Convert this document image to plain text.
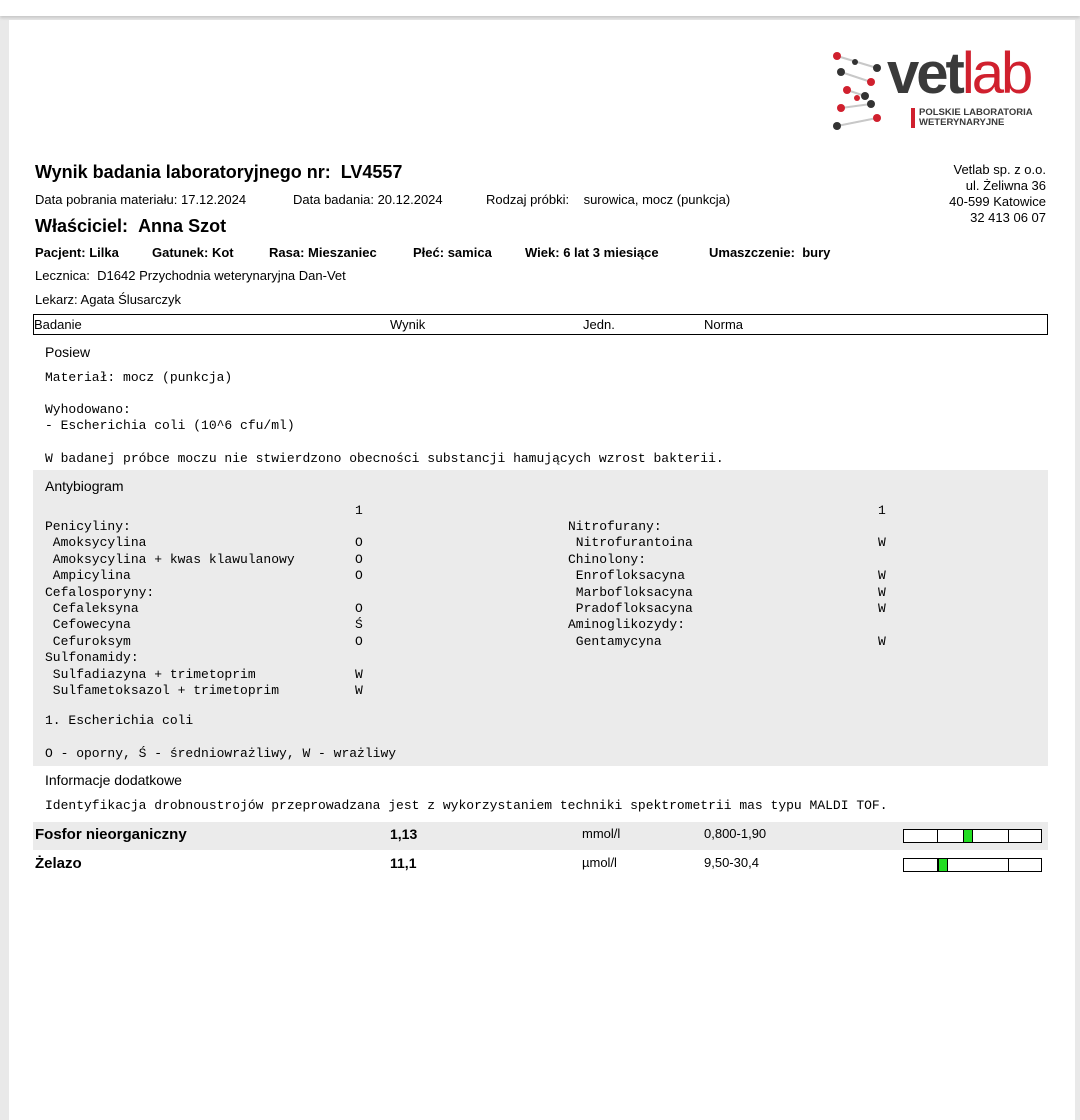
vetlab
POLSKIE LABORATORIA
WETERYNARYJNE
Wynik badania laboratoryjnego nr: LV4557	Vetlab sp. z o.o.
ul. Żeliwna 36
40-599 Katowice
32 413 06 07
Data pobrania materiału: 17.12.2024	Data badania: 20.12.2024	Rodzaj próbki: surowica, mocz (punkcja)
Właściciel: Anna Szot
Pacjent: Lilka	Gatunek: Kot	Rasa: Mieszaniec	Płeć: samica	Wiek: 6 lat 3 miesiące	Umaszczenie: bury
Lecznica: D1642 Przychodnia weterynaryjna Dan-Vet
Lekarz: Agata Ślusarczyk
Badanie	Wynik	Jedn.	Norma
Posiew
Materiał: mocz (punkcja)
Wyhodowano:
- Escherichia coli (10^6 cfu/ml)
W badanej próbce moczu nie stwierdzono obecności substancji hamujących wzrost bakterii.
Antybiogram
1	1
Penicyliny:
Amoksycylina	O
Amoksycylina + kwas klawulanowy	O
Ampicylina	O
Cefalosporyny:
Cefaleksyna	O
Cefowecyna	Ś
Cefuroksym	O
Sulfonamidy:
Sulfadiazyna + trimetoprim	W
Sulfametoksazol + trimetoprim	W
Nitrofurany:
Nitrofurantoina	W
Chinolony:
Enrofloksacyna	W
Marbofloksacyna	W
Pradofloksacyna	W
Aminoglikozydy:
Gentamycyna	W
1. Escherichia coli
O - oporny, Ś - średniowrażliwy, W - wrażliwy
Informacje dodatkowe
Identyfikacja drobnoustrojów przeprowadzana jest z wykorzystaniem techniki spektrometrii mas typu MALDI TOF.
Fosfor nieorganiczny	1,13	mmol/l	0,800-1,90
Żelazo	11,1	µmol/l	9,50-30,4
